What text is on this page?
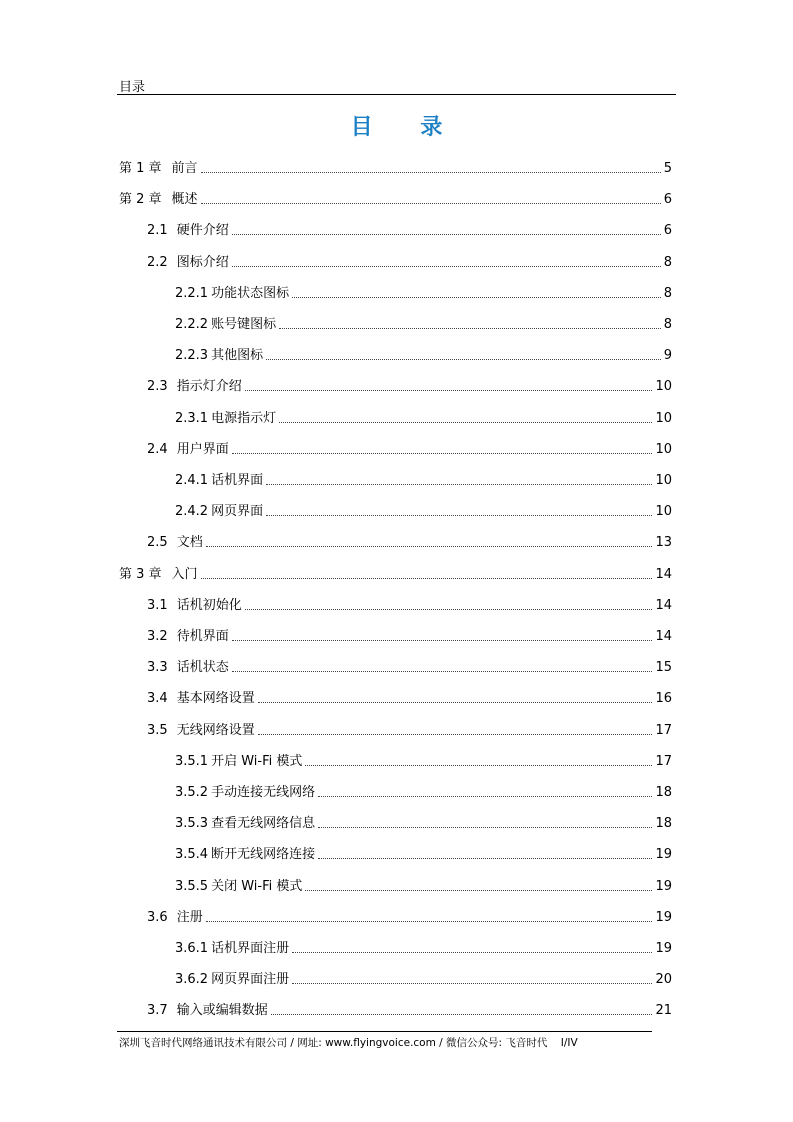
目录
目 录
第 1 章 前言	5
第 2 章 概述	6
2.1 硬件介绍	6
2.2 图标介绍	8
2.2.1 功能状态图标	8
2.2.2 账号键图标	8
2.2.3 其他图标	9
2.3 指示灯介绍	10
2.3.1 电源指示灯	10
2.4 用户界面	10
2.4.1 话机界面	10
2.4.2 网页界面	10
2.5 文档	13
第 3 章 入门	14
3.1 话机初始化	14
3.2 待机界面	14
3.3 话机状态	15
3.4 基本网络设置	16
3.5 无线网络设置	17
3.5.1 开启 Wi-Fi 模式	17
3.5.2 手动连接无线网络	18
3.5.3 查看无线网络信息	18
3.5.4 断开无线网络连接	19
3.5.5 关闭 Wi-Fi 模式	19
3.6 注册	19
3.6.1 话机界面注册	19
3.6.2 网页界面注册	20
3.7 输入或编辑数据	21
深圳飞音时代网络通讯技术有限公司 / 网址: www.flyingvoice.com / 微信公众号: 飞音时代    I/IV
